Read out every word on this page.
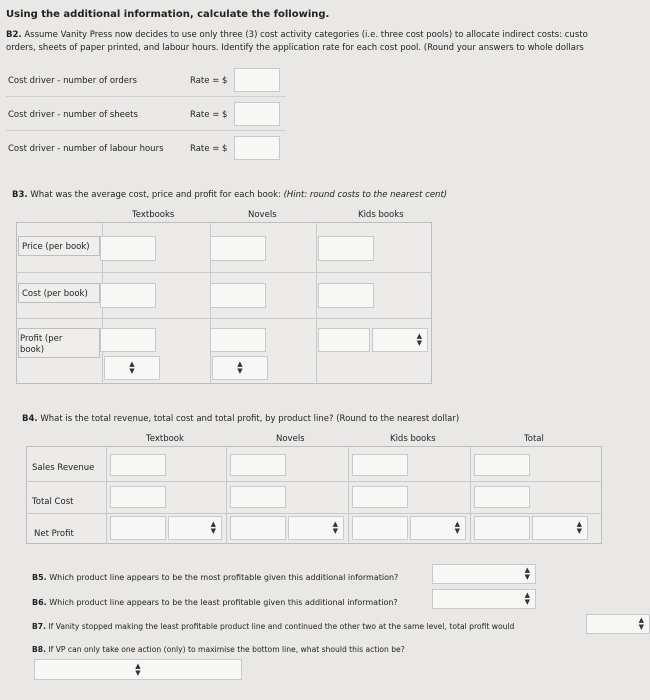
Using the additional information, calculate the following.
B2. Assume Vanity Press now decides to use only three (3) cost activity categories (i.e. three cost pools) to allocate indirect costs: custo
orders, sheets of paper printed, and labour hours. Identify the application rate for each cost pool. (Round your answers to whole dollars
Cost driver - number of orders	Rate = $
Cost driver - number of sheets	Rate = $
Cost driver - number of labour hours	Rate = $
B3. What was the average cost, price and profit for each book: (Hint: round costs to the nearest cent)
Textbooks	Novels	Kids books
Price (per book)
Cost (per book)
Profit (per book)
▲
▼
▲
▼
▲
▼
B4. What is the total revenue, total cost and total profit, by product line? (Round to the nearest dollar)
Textbook	Novels	Kids books	Total
Sales Revenue
Total Cost
Net Profit
▲
▼
▲
▼
▲
▼
▲
▼
B5. Which product line appears to be the most profitable given this additional information?
▲
▼
B6. Which product line appears to be the least profitable given this additional information?
▲
▼
B7. If Vanity stopped making the least profitable product line and continued the other two at the same level, total profit would
▲
▼
B8. If VP can only take one action (only) to maximise the bottom line, what should this action be?
▲
▼
